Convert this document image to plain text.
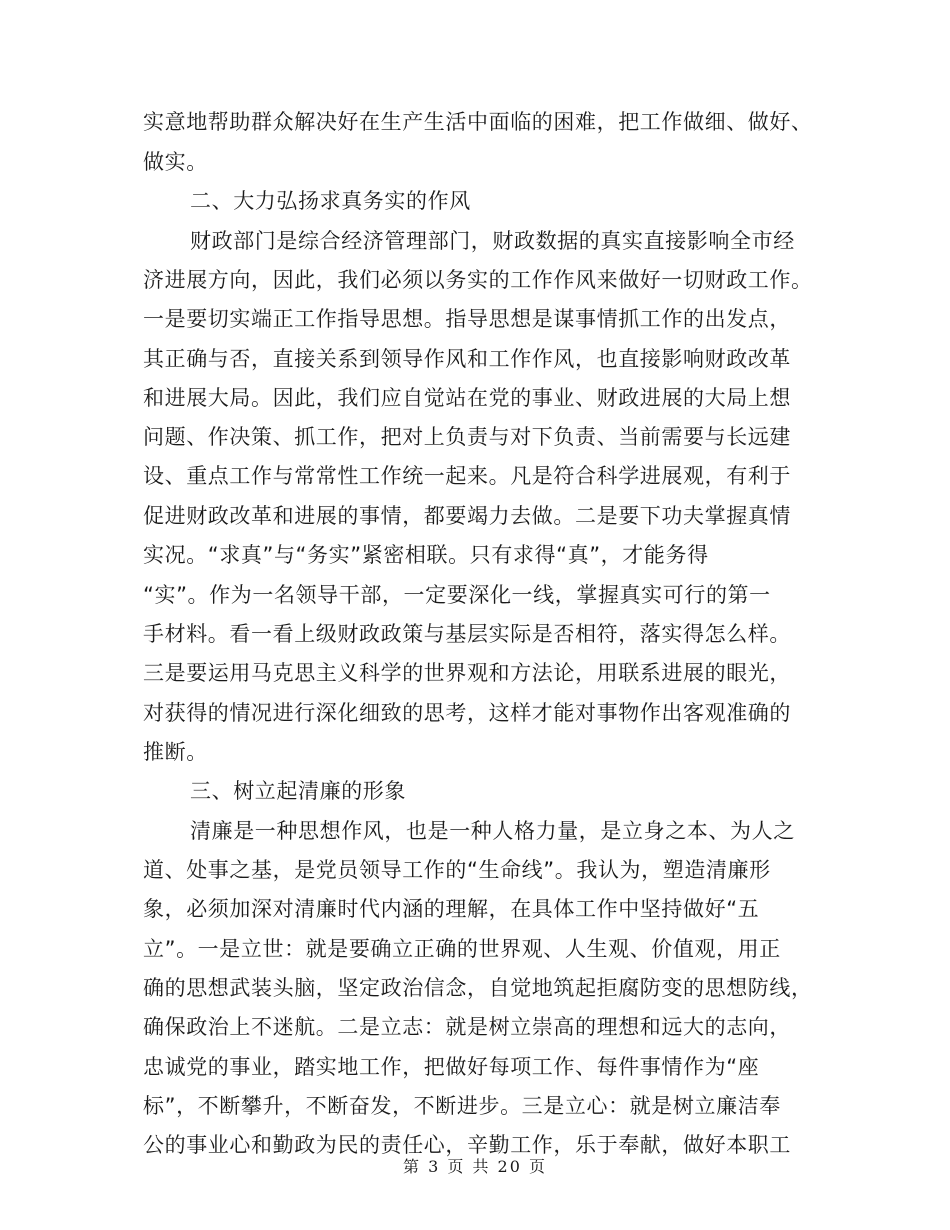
实意地帮助群众解决好在生产生活中面临的困难，把工作做细、做好、
做实。
二、大力弘扬求真务实的作风
财政部门是综合经济管理部门，财政数据的真实直接影响全市经
济进展方向，因此，我们必须以务实的工作作风来做好一切财政工作。
一是要切实端正工作指导思想。指导思想是谋事情抓工作的出发点，
其正确与否，直接关系到领导作风和工作作风，也直接影响财政改革
和进展大局。因此，我们应自觉站在党的事业、财政进展的大局上想
问题、作决策、抓工作，把对上负责与对下负责、当前需要与长远建
设、重点工作与常常性工作统一起来。凡是符合科学进展观，有利于
促进财政改革和进展的事情，都要竭力去做。二是要下功夫掌握真情
实况。“求真”与“务实”紧密相联。只有求得“真”，才能务得
“实”。作为一名领导干部，一定要深化一线，掌握真实可行的第一
手材料。看一看上级财政政策与基层实际是否相符，落实得怎么样。
三是要运用马克思主义科学的世界观和方法论，用联系进展的眼光，
对获得的情况进行深化细致的思考，这样才能对事物作出客观准确的
推断。
三、树立起清廉的形象
清廉是一种思想作风，也是一种人格力量，是立身之本、为人之
道、处事之基，是党员领导工作的“生命线”。我认为，塑造清廉形
象，必须加深对清廉时代内涵的理解，在具体工作中坚持做好“五
立”。一是立世：就是要确立正确的世界观、人生观、价值观，用正
确的思想武装头脑，坚定政治信念，自觉地筑起拒腐防变的思想防线，
确保政治上不迷航。二是立志：就是树立崇高的理想和远大的志向，
忠诚党的事业，踏实地工作，把做好每项工作、每件事情作为“座
标”，不断攀升，不断奋发，不断进步。三是立心：就是树立廉洁奉
公的事业心和勤政为民的责任心，辛勤工作，乐于奉献，做好本职工
第 3 页 共 20 页
